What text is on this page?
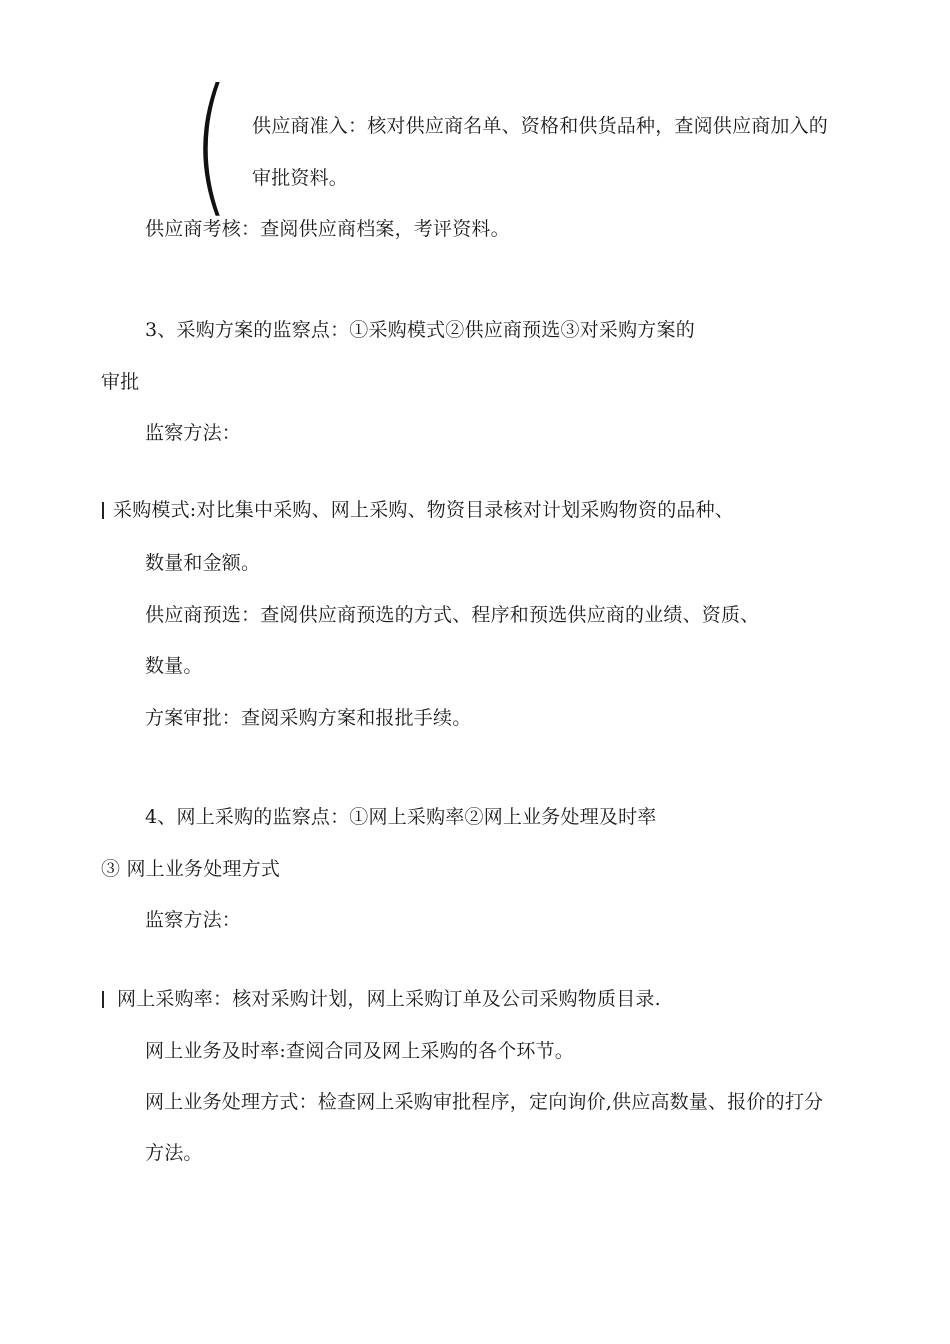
( 供应商准入：核对供应商名单、资格和供货品种，查阅供应商加入的
审批资料。
供应商考核：查阅供应商档案，考评资料。
3、采购方案的监察点：①采购模式②供应商预选③对采购方案的
审批
监察方法：
采购模式:对比集中采购、网上采购、物资目录核对计划采购物资的品种、
数量和金额。
供应商预选：查阅供应商预选的方式、程序和预选供应商的业绩、资质、
数量。
方案审批：查阅采购方案和报批手续。
4、网上采购的监察点：①网上采购率②网上业务处理及时率
③ 网上业务处理方式
监察方法：
网上采购率：核对采购计划，网上采购订单及公司采购物质目录.
网上业务及时率:查阅合同及网上采购的各个环节。
网上业务处理方式：检查网上采购审批程序，定向询价,供应高数量、报价的打分
方法。
